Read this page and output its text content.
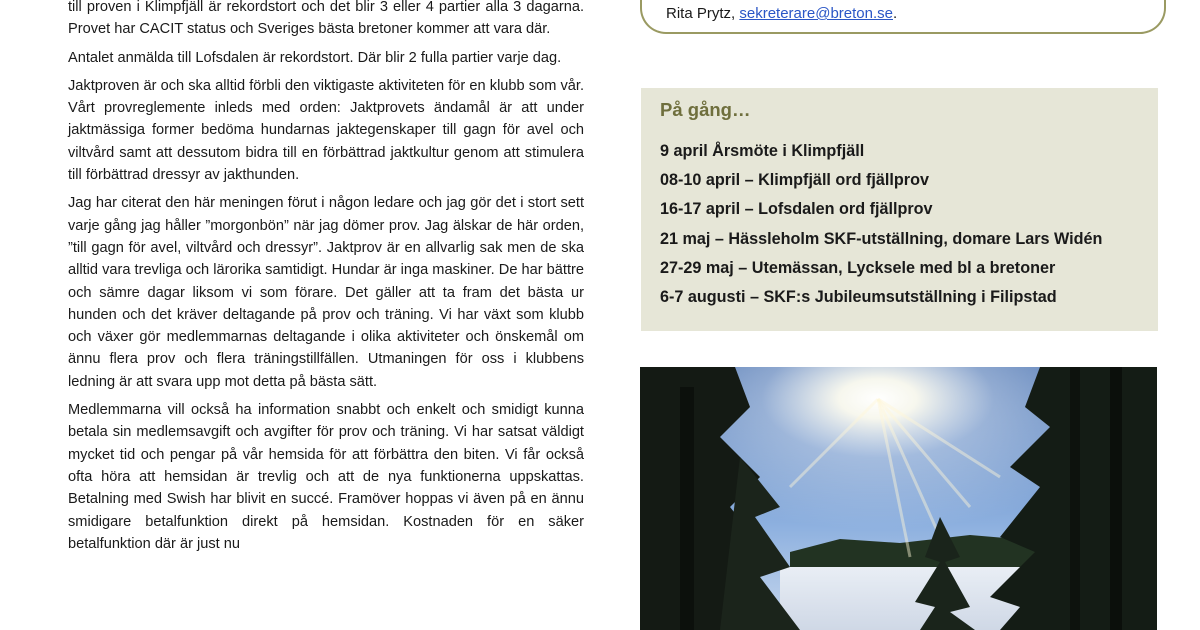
till proven i Klimpfjäll är rekordstort och det blir 3 eller 4 partier alla 3 dagarna. Provet har CACIT status och Sveriges bästa bretoner kommer att vara där.

Antalet anmälda till Lofsdalen är rekordstort. Där blir 2 fulla partier varje dag.

Jaktproven är och ska alltid förbli den viktigaste aktiviteten för en klubb som vår. Vårt provreglemente inleds med orden: Jaktprovets ändamål är att under jaktmässiga former bedöma hundarnas jaktegenskaper till gagn för avel och viltvård samt att dessutom bidra till en förbättrad jaktkultur genom att stimulera till förbättrad dressyr av jakthunden.

Jag har citerat den här meningen förut i någon ledare och jag gör det i stort sett varje gång jag håller ”morgonbön” när jag dömer prov. Jag älskar de här orden, ”till gagn för avel, viltvård och dressyr”. Jaktprov är en allvarlig sak men de ska alltid vara trevliga och lärorika samtidigt. Hundar är inga maskiner. De har bättre och sämre dagar liksom vi som förare. Det gäller att ta fram det bästa ur hunden och det kräver deltagande på prov och träning. Vi har växt som klubb och växer gör medlemmarnas deltagande i olika aktiviteter och önskemål om ännu flera prov och flera träningstillfällen. Utmaningen för oss i klubbens ledning är att svara upp mot detta på bästa sätt.

Medlemmarna vill också ha information snabbt och enkelt och smidigt kunna betala sin medlemsavgift och avgifter för prov och träning. Vi har satsat väldigt mycket tid och pengar på vår hemsida för att förbättra den biten. Vi får också ofta höra att hemsidan är trevlig och att de nya funktionerna uppskattas. Betalning med Swish har blivit en succé. Framöver hoppas vi även på en ännu smidigare betalfunktion direkt på hemsidan. Kostnaden för en säker betalfunktion där är just nu

Rita Prytz, sekreterare@breton.se.

På gång…
9 april Årsmöte i Klimpfjäll
08-10 april – Klimpfjäll ord fjällprov
16-17 april – Lofsdalen ord fjällprov
21 maj – Hässleholm SKF-utställning, domare Lars Widén
27-29 maj – Utemässan, Lycksele med bl a bretoner
6-7 augusti – SKF:s Jubileumsutställning i Filipstad
